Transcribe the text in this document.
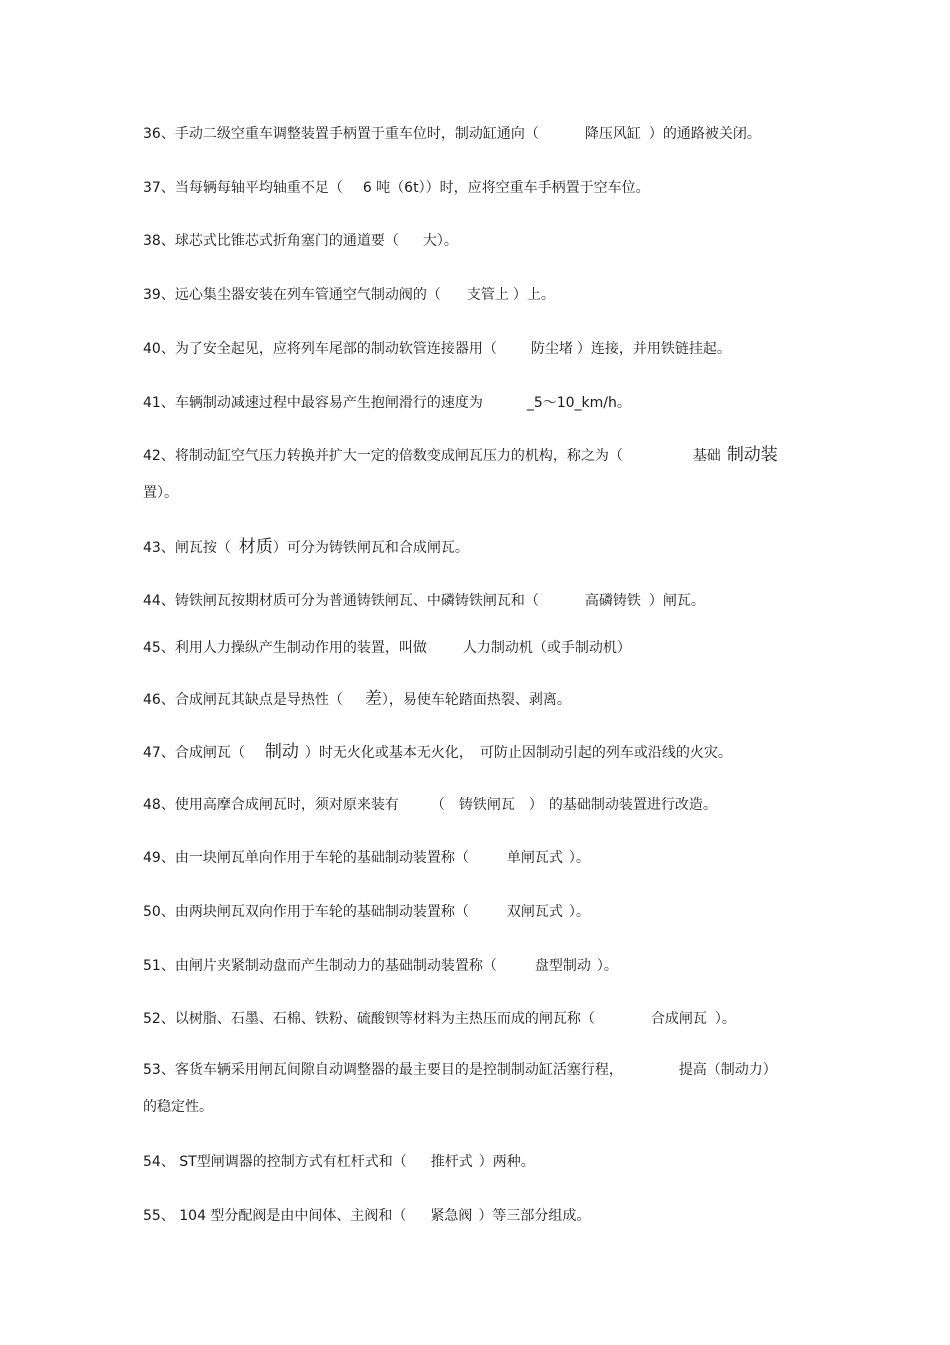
36、手动二级空重车调整装置手柄置于重车位时，制动缸通向（	降压风缸 ）的通路被关闭。
37、当每辆每轴平均轴重不足（ 6 吨（6t））时，应将空重车手柄置于空车位。
38、球芯式比锥芯式折角塞门的通道要（ 大）。
39、远心集尘器安装在列车管通空气制动阀的（ 支管上 ）上。
40、为了安全起见，应将列车尾部的制动软管连接器用（ 防尘堵 ）连接，并用铁链挂起。
41、车辆制动减速过程中最容易产生抱闸滑行的速度为	_5～10_km/h。
42、将制动缸空气压力转换并扩大一定的倍数变成闸瓦压力的机构，称之为（	基础 制动装
置）。
43、闸瓦按（ 材质）可分为铸铁闸瓦和合成闸瓦。
44、铸铁闸瓦按期材质可分为普通铸铁闸瓦、中磷铸铁闸瓦和（	高磷铸铁 ）闸瓦。
45、利用人力操纵产生制动作用的装置，叫做	人力制动机（或手制动机）
46、合成闸瓦其缺点是导热性（ 差），易使车轮踏面热裂、剥离。
47、合成闸瓦（ 制动 ）时无火化或基本无火化，　可防止因制动引起的列车或沿线的火灾。
48、使用高摩合成闸瓦时，须对原来装有 （　铸铁闸瓦　） 的基础制动装置进行改造。
49、由一块闸瓦单向作用于车轮的基础制动装置称（	单闸瓦式 ）。
50、由两块闸瓦双向作用于车轮的基础制动装置称（	双闸瓦式 ）。
51、由闸片夹紧制动盘而产生制动力的基础制动装置称（	盘型制动 ）。
52、以树脂、石墨、石棉、铁粉、硫酸钡等材料为主热压而成的闸瓦称（	合成闸瓦 ）。
53、客货车辆采用闸瓦间隙自动调整器的最主要目的是控制制动缸活塞行程，	提高（制动力）
的稳定性。
54、 ST型闸调器的控制方式有杠杆式和（ 推杆式 ）两种。
55、 104 型分配阀是由中间体、主阀和（ 紧急阀 ）等三部分组成。
